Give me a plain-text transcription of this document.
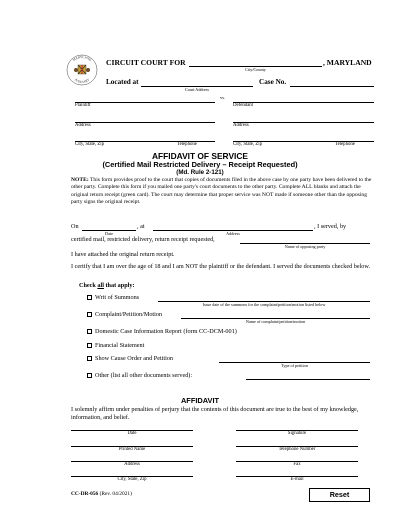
MARYLAND
JUDICIARY
CIRCUIT COURT FOR	, MARYLAND
City/County
Located at	Case No.
Court Address
vs.
Plaintiff	Defendant
Address	Address
City, State, Zip	Telephone	City, State, Zip	Telephone
AFFIDAVIT OF SERVICE
(Certified Mail Restricted Delivery – Receipt Requested)
(Md. Rule 2-121)
NOTE: This form provides proof to the court that copies of documents filed in the above case by one party have been delivered to the other party. Complete this form if you mailed one party's court documents to the other party. Complete ALL blanks and attach the original return receipt (green card). The court may determine that proper service was NOT made if someone other than the opposing party signs the original receipt.
On	, at	, I served, by
Date	Address
certified mail, restricted delivery, return receipt requested,
Name of opposing party
I have attached the original return receipt.
I certify that I am over the age of 18 and I am NOT the plaintiff or the defendant. I served the documents checked below.
Check all that apply:
Writ of Summons
Issue date of the summons for the complaint/petition/motion listed below
Complaint/Petition/Motion
Name of complaint/petition/motion
Domestic Case Information Report (form CC-DCM-001)
Financial Statement
Show Cause Order and Petition
Type of petition
Other (list all other documents served):
AFFIDAVIT
I solemnly affirm under penalties of perjury that the contents of this document are true to the best of my knowledge, information, and belief.
Date	Signature
Printed Name	Telephone Number
Address	Fax
City, State, Zip	E-mail
CC-DR-056 (Rev. 04/2021)	Reset
